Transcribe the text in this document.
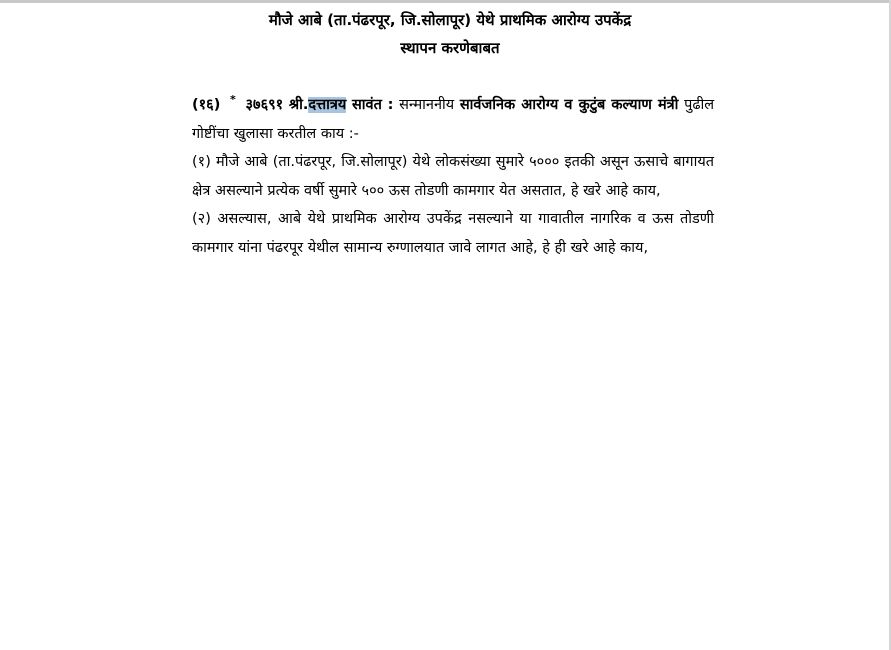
मौजे आबे (ता.पंढरपूर, जि.सोलापूर) येथे प्राथमिक आरोग्य उपकेंद्र
स्थापन करणेबाबत

(१६) * ३७६९१ श्री.दत्तात्रय सावंत : सन्माननीय सार्वजनिक आरोग्य व कुटुंब कल्याण मंत्री पुढील गोष्टींचा खुलासा करतील काय :-

(१) मौजे आबे (ता.पंढरपूर, जि.सोलापूर) येथे लोकसंख्या सुमारे ५००० इतकी असून ऊसाचे बागायत क्षेत्र असल्याने प्रत्येक वर्षी सुमारे ५०० ऊस तोडणी कामगार येत असतात, हे खरे आहे काय,

(२) असल्यास, आबे येथे प्राथमिक आरोग्य उपकेंद्र नसल्याने या गावातील नागरिक व ऊस तोडणी कामगार यांना पंढरपूर येथील सामान्य रुग्णालयात जावे लागत आहे, हे ही खरे आहे काय,
